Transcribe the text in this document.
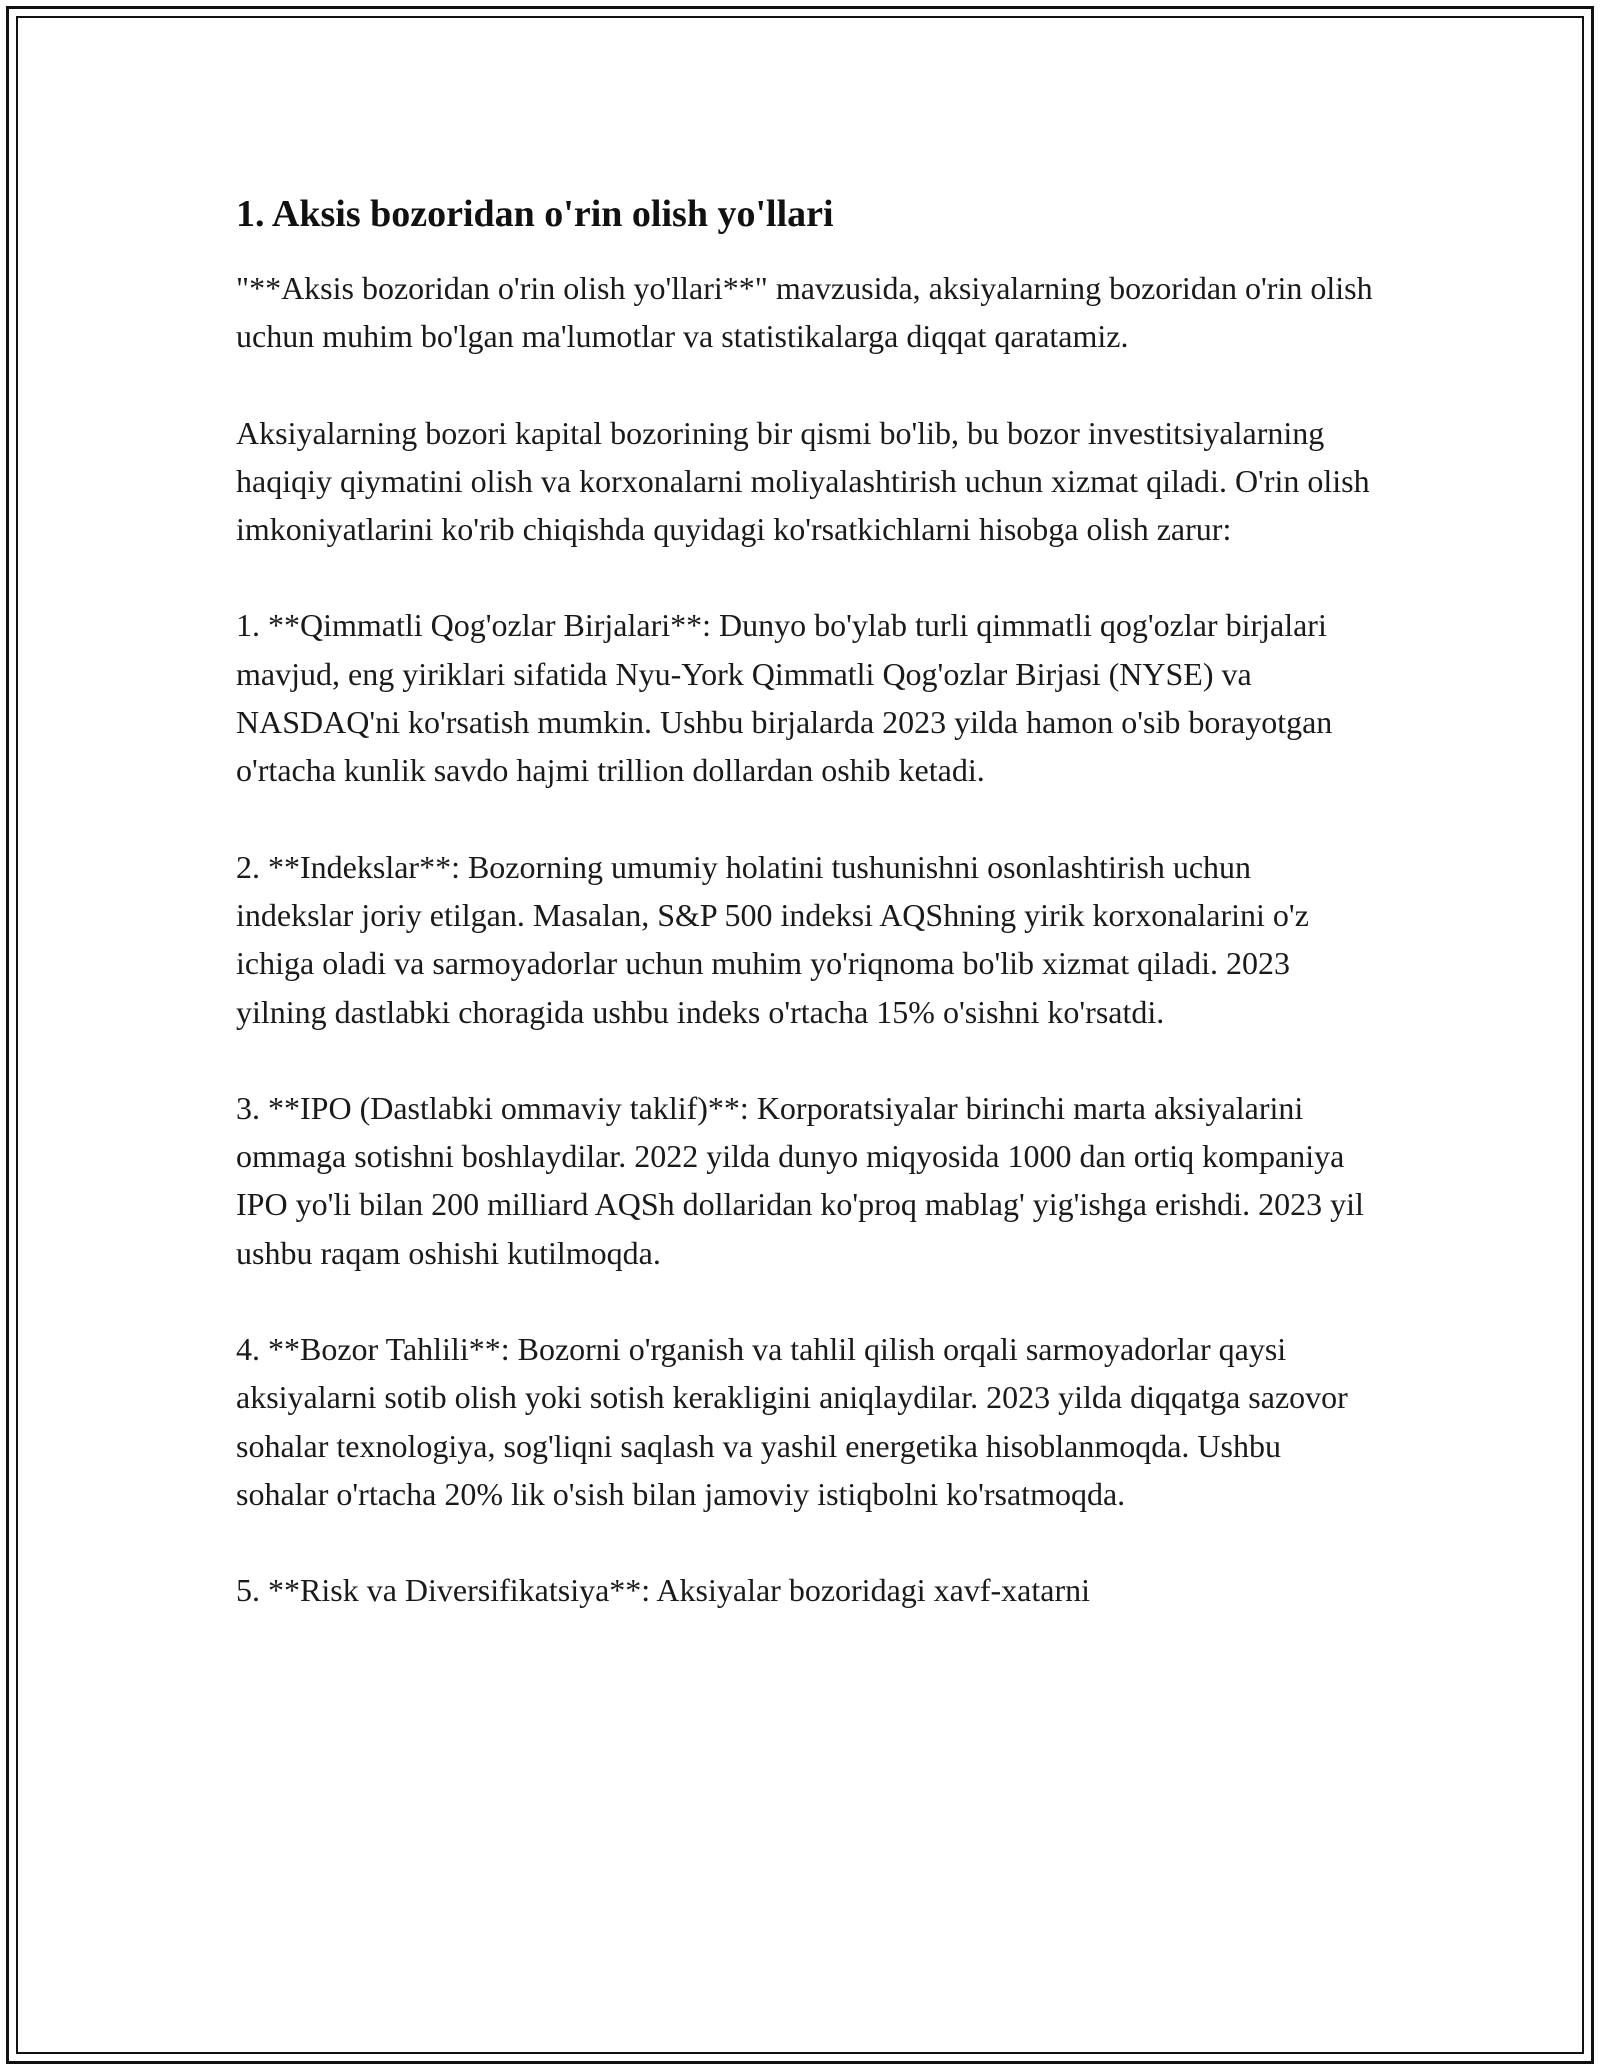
1. Aksis bozoridan o'rin olish yo'llari

"**Aksis bozoridan o'rin olish yo'llari**" mavzusida, aksiyalarning bozoridan o'rin olish uchun muhim bo'lgan ma'lumotlar va statistikalarga diqqat qaratamiz.

Aksiyalarning bozori kapital bozorining bir qismi bo'lib, bu bozor investitsiyalarning haqiqiy qiymatini olish va korxonalarni moliyalashtirish uchun xizmat qiladi. O'rin olish imkoniyatlarini ko'rib chiqishda quyidagi ko'rsatkichlarni hisobga olish zarur:

1. **Qimmatli Qog'ozlar Birjalari**: Dunyo bo'ylab turli qimmatli qog'ozlar birjalari mavjud, eng yiriklari sifatida Nyu-York Qimmatli Qog'ozlar Birjasi (NYSE) va NASDAQ'ni ko'rsatish mumkin. Ushbu birjalarda 2023 yilda hamon o'sib borayotgan o'rtacha kunlik savdo hajmi trillion dollardan oshib ketadi.

2. **Indekslar**: Bozorning umumiy holatini tushunishni osonlashtirish uchun indekslar joriy etilgan. Masalan, S&P 500 indeksi AQShning yirik korxonalarini o'z ichiga oladi va sarmoyadorlar uchun muhim yo'riqnoma bo'lib xizmat qiladi. 2023 yilning dastlabki choragida ushbu indeks o'rtacha 15% o'sishni ko'rsatdi.

3. **IPO (Dastlabki ommaviy taklif)**: Korporatsiyalar birinchi marta aksiyalarini ommaga sotishni boshlaydilar. 2022 yilda dunyo miqyosida 1000 dan ortiq kompaniya IPO yo'li bilan 200 milliard AQSh dollaridan ko'proq mablag' yig'ishga erishdi. 2023 yil ushbu raqam oshishi kutilmoqda.

4. **Bozor Tahlili**: Bozorni o'rganish va tahlil qilish orqali sarmoyadorlar qaysi aksiyalarni sotib olish yoki sotish kerakligini aniqlaydilar. 2023 yilda diqqatga sazovor sohalar texnologiya, sog'liqni saqlash va yashil energetika hisoblanmoqda. Ushbu sohalar o'rtacha 20% lik o'sish bilan jamoviy istiqbolni ko'rsatmoqda.

5. **Risk va Diversifikatsiya**: Aksiyalar bozoridagi xavf-xatarni
